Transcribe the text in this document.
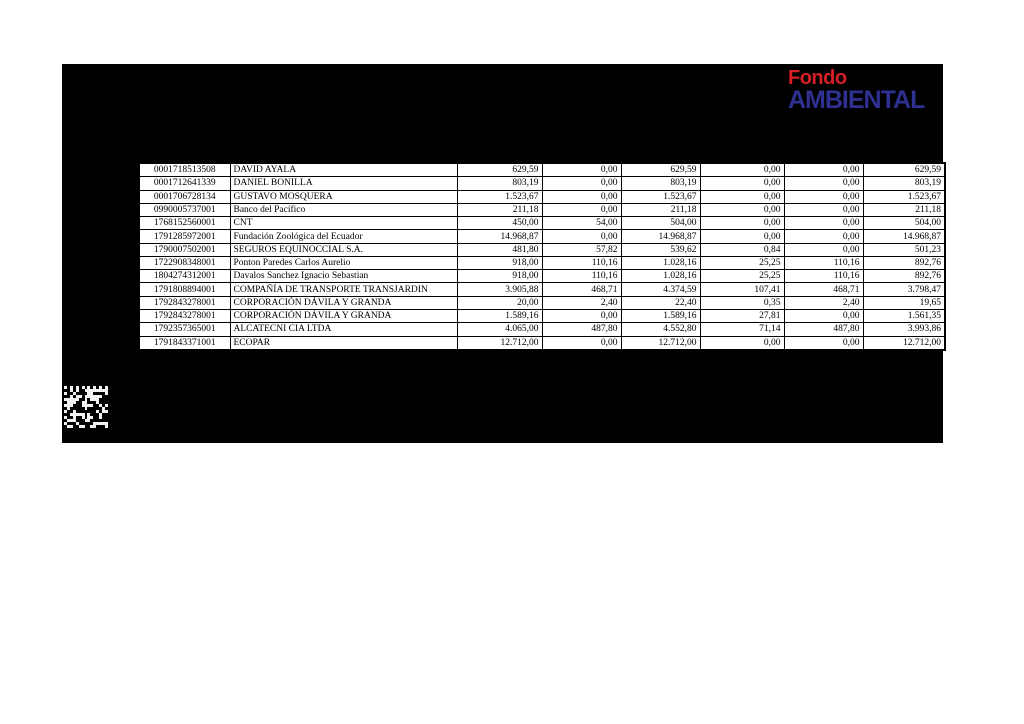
Fondo
AMBIENTAL
0001718513508	DAVID AYALA	629,59	0,00	629,59	0,00	0,00	629,59
0001712641339	DANIEL BONILLA	803,19	0,00	803,19	0,00	0,00	803,19
0001706728134	GUSTAVO MOSQUERA	1.523,67	0,00	1.523,67	0,00	0,00	1.523,67
0990005737001	Banco del Pacífico	211,18	0,00	211,18	0,00	0,00	211,18
1768152560001	CNT	450,00	54,00	504,00	0,00	0,00	504,00
1791285972001	Fundación Zoológica del Ecuador	14.968,87	0,00	14.968,87	0,00	0,00	14.968,87
1790007502001	SEGUROS EQUINOCCIAL S.A.	481,80	57,82	539,62	0,84	0,00	501,23
1722908348001	Ponton Paredes Carlos Aurelio	918,00	110,16	1.028,16	25,25	110,16	892,76
1804274312001	Davalos Sanchez Ignacio Sebastian	918,00	110,16	1.028,16	25,25	110,16	892,76
1791808894001	COMPAÑÍA DE TRANSPORTE TRANSJARDIN	3.905,88	468,71	4.374,59	107,41	468,71	3.798,47
1792843278001	CORPORACIÓN DÁVILA Y GRANDA	20,00	2,40	22,40	0,35	2,40	19,65
1792843278001	CORPORACIÓN DÁVILA Y GRANDA	1.589,16	0,00	1.589,16	27,81	0,00	1.561,35
1792357365001	ALCATECNI CIA LTDA	4.065,00	487,80	4.552,80	71,14	487,80	3.993,86
1791843371001	ECOPAR	12.712,00	0,00	12.712,00	0,00	0,00	12.712,00
